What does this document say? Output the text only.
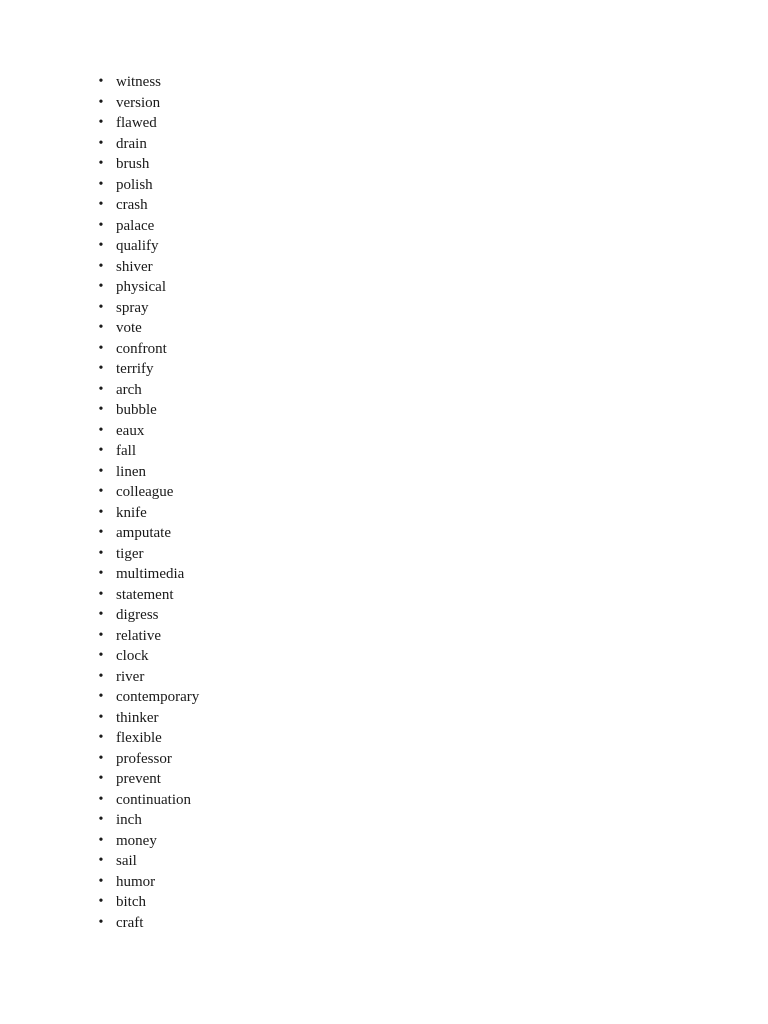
• witness
• version
• flawed
• drain
• brush
• polish
• crash
• palace
• qualify
• shiver
• physical
• spray
• vote
• confront
• terrify
• arch
• bubble
• eaux
• fall
• linen
• colleague
• knife
• amputate
• tiger
• multimedia
• statement
• digress
• relative
• clock
• river
• contemporary
• thinker
• flexible
• professor
• prevent
• continuation
• inch
• money
• sail
• humor
• bitch
• craft
